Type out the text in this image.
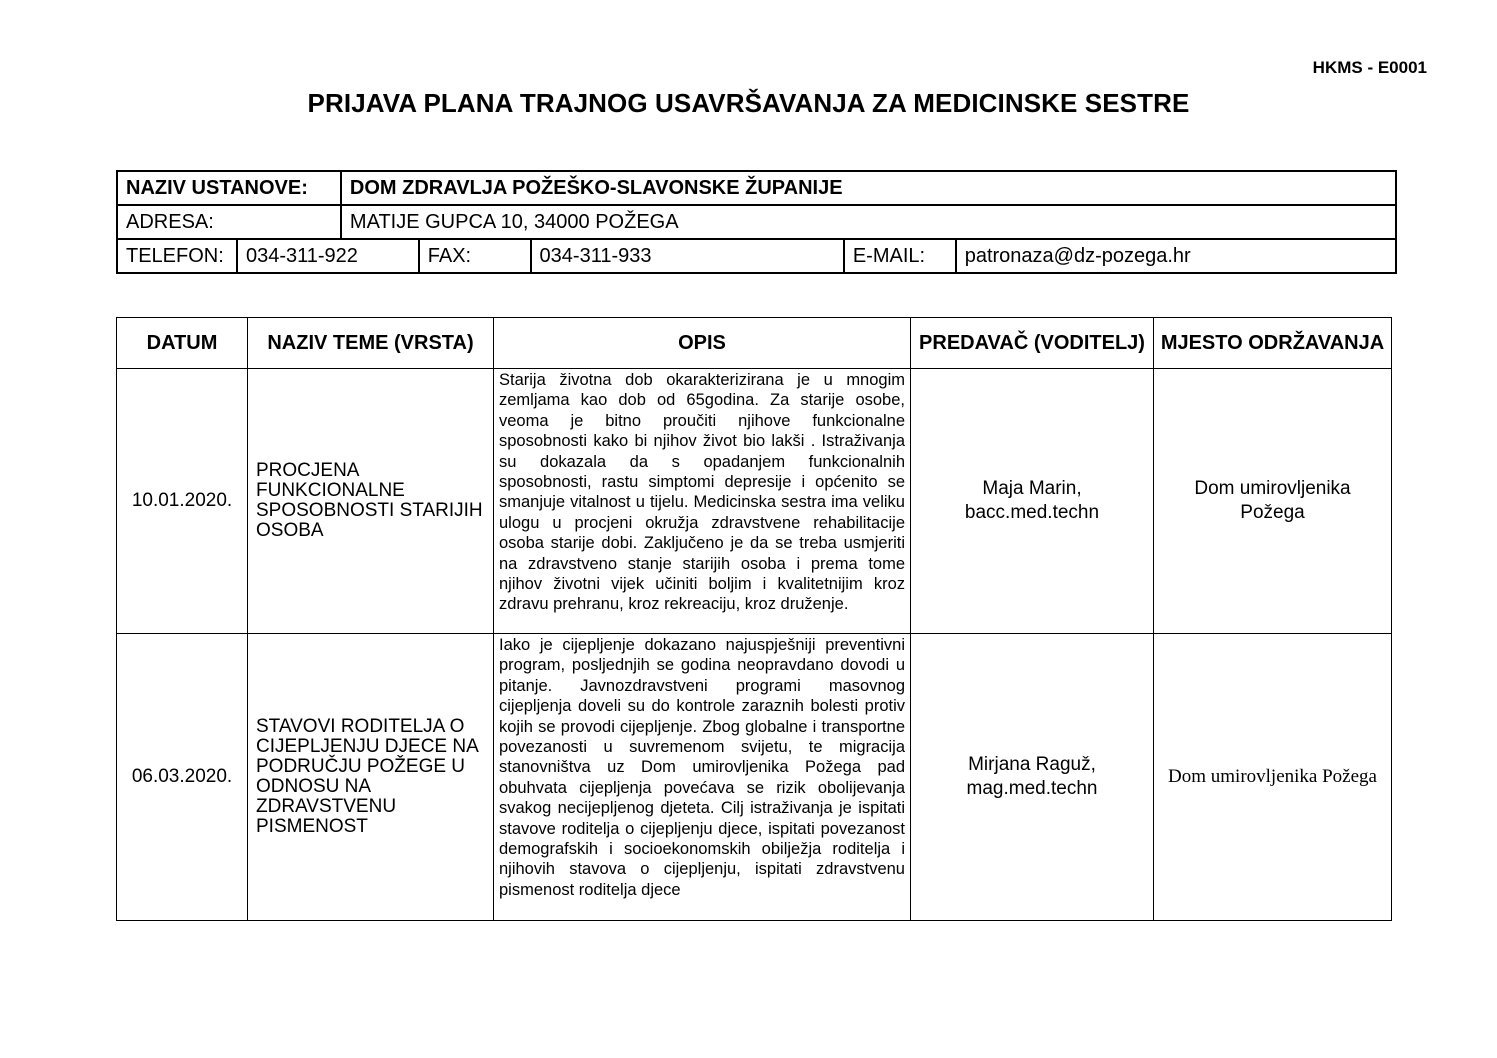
HKMS - E0001
PRIJAVA PLANA TRAJNOG USAVRŠAVANJA ZA MEDICINSKE SESTRE
NAZIV USTANOVE:		DOM ZDRAVLJA POŽEŠKO-SLAVONSKE ŽUPANIJE				
ADRESA:		MATIJE GUPCA 10, 34000 POŽEGA				
TELEFON:	034-311-922		FAX:	034-311-933	E-MAIL:	patronaza@dz-pozega.hr
DATUM	NAZIV TEME (VRSTA)	OPIS	PREDAVAČ (VODITELJ)	MJESTO ODRŽAVANJA
10.01.2020.	PROCJENA FUNKCIONALNE SPOSOBNOSTI STARIJIH OSOBA	Starija životna dob okarakterizirana je u mnogim zemljama kao dob od 65godina. Za starije osobe, veoma je bitno proučiti njihove funkcionalne sposobnosti kako bi njihov život bio lakši . Istraživanja su dokazala da s opadanjem funkcionalnih sposobnosti, rastu simptomi depresije i općenito se smanjuje vitalnost u tijelu. Medicinska sestra ima veliku ulogu u procjeni okružja zdravstvene rehabilitacije osoba starije dobi. Zaključeno je da se treba usmjeriti na zdravstveno stanje starijih osoba i prema tome njihov životni vijek učiniti boljim i kvalitetnijim kroz zdravu prehranu, kroz rekreaciju, kroz druženje.	Maja Marin, bacc.med.techn	Dom umirovljenika Požega
06.03.2020.	STAVOVI RODITELJA O CIJEPLJENJU DJECE NA PODRUČJU POŽEGE U ODNOSU NA ZDRAVSTVENU PISMENOST	Iako je cijepljenje dokazano najuspješniji preventivni program, posljednjih se godina neopravdano dovodi u pitanje. Javnozdravstveni programi masovnog cijepljenja doveli su do kontrole zaraznih bolesti protiv kojih se provodi cijepljenje. Zbog globalne i transportne povezanosti u suvremenom svijetu, te migracija stanovništva uz Dom umirovljenika Požega pad obuhvata cijepljenja povećava se rizik obolijevanja svakog necijepljenog djeteta. Cilj istraživanja je ispitati stavove roditelja o cijepljenju djece, ispitati povezanost demografskih i socioekonomskih obilježja roditelja i njihovih stavova o cijepljenju, ispitati zdravstvenu pismenost roditelja djece	Mirjana Raguž, mag.med.techn	Dom umirovljenika Požega
